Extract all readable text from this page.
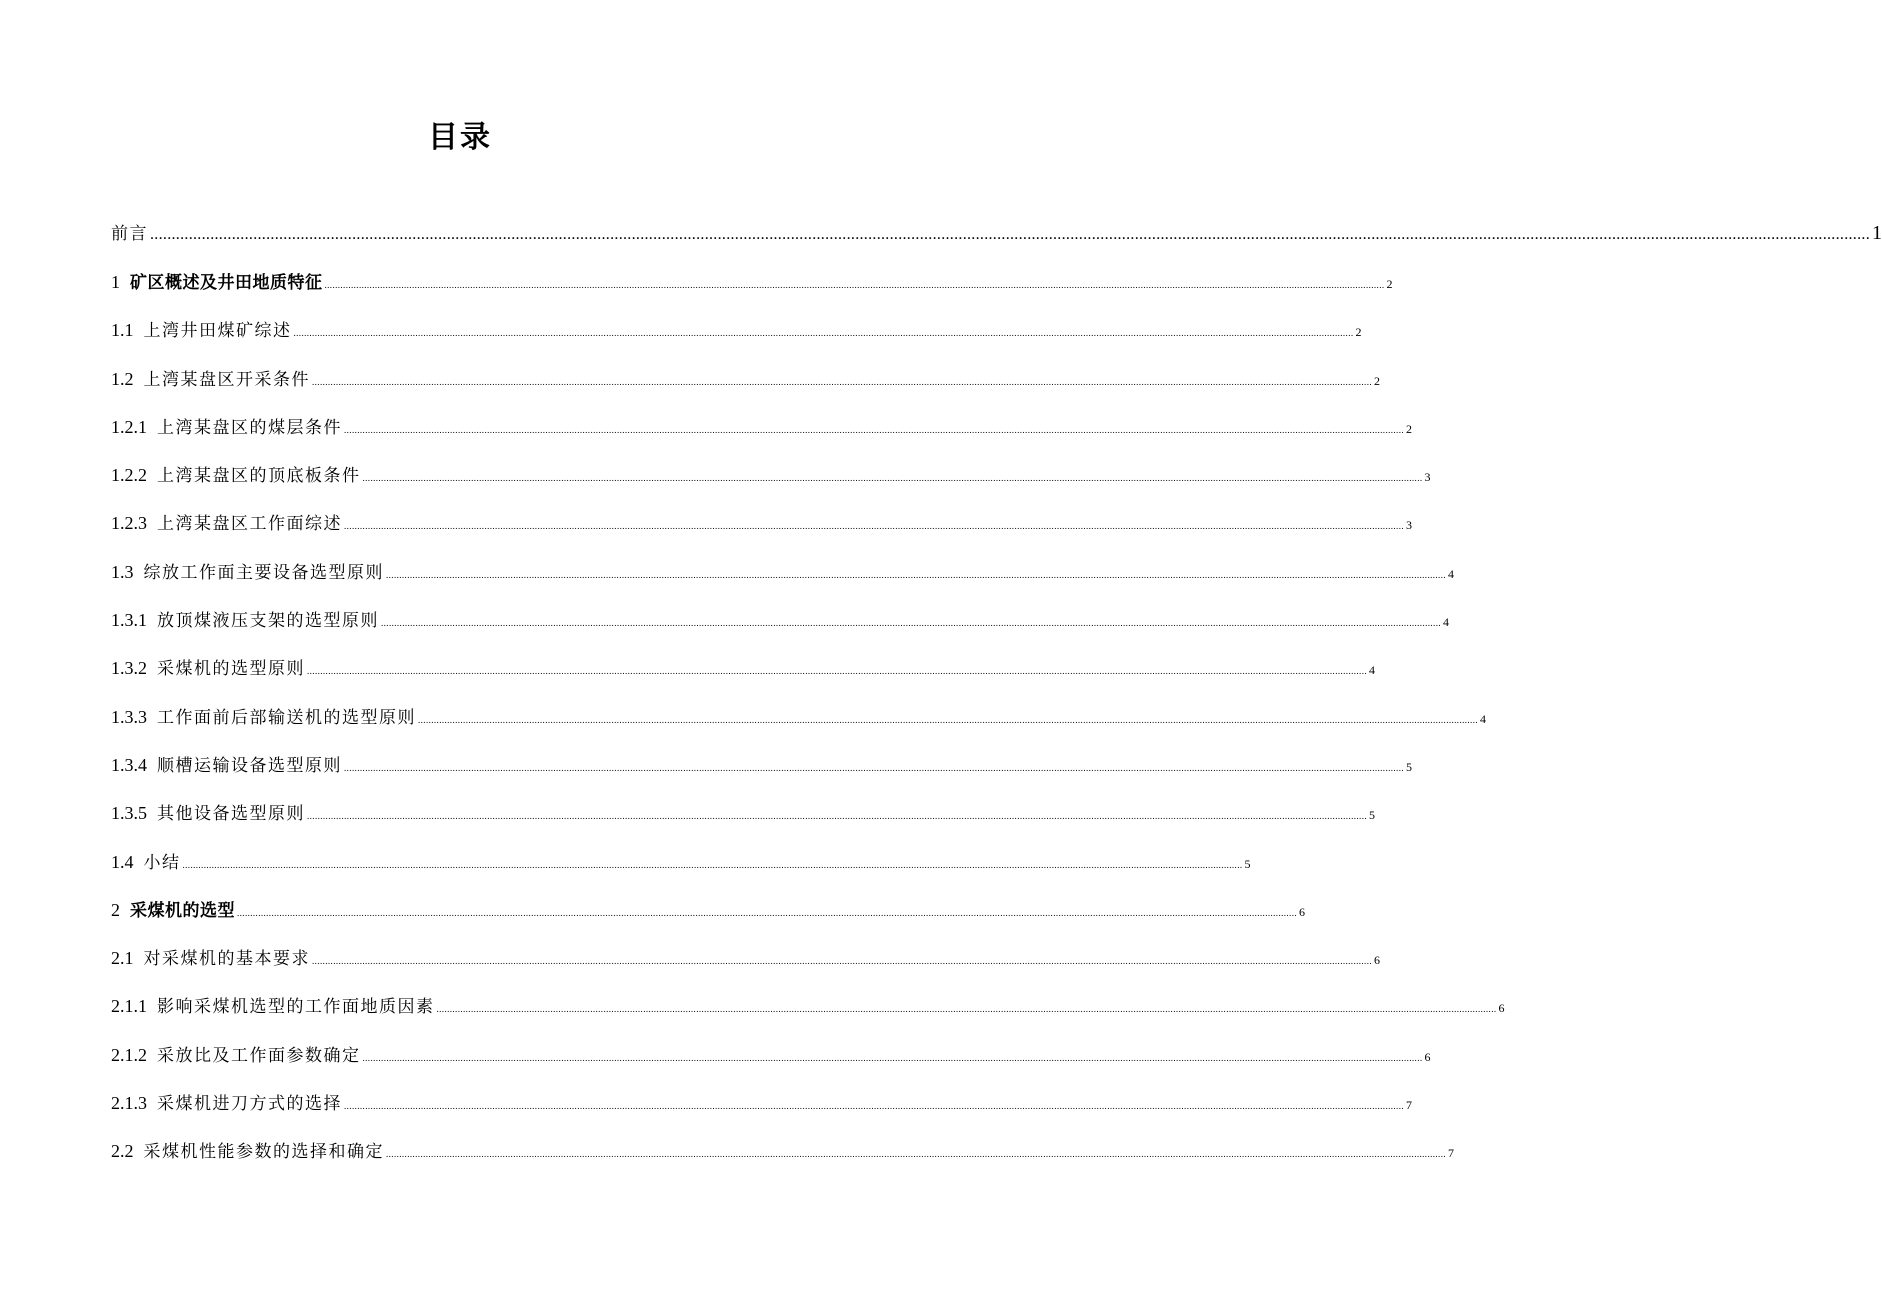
目录
前言 ................................................................................................................................................................................................................................................................................................................................................................................................................ 1
1 矿区概述及井田地质特征 ................................................................................................................................................................................................................................................................................................................................................................................................................ 2
1.1 上湾井田煤矿综述 ................................................................................................................................................................................................................................................................................................................................................................................................................ 2
1.2 上湾某盘区开采条件 ................................................................................................................................................................................................................................................................................................................................................................................................................ 2
1.2.1 上湾某盘区的煤层条件 ................................................................................................................................................................................................................................................................................................................................................................................................................ 2
1.2.2 上湾某盘区的顶底板条件 ................................................................................................................................................................................................................................................................................................................................................................................................................ 3
1.2.3 上湾某盘区工作面综述 ................................................................................................................................................................................................................................................................................................................................................................................................................ 3
1.3 综放工作面主要设备选型原则 ................................................................................................................................................................................................................................................................................................................................................................................................................ 4
1.3.1 放顶煤液压支架的选型原则 ................................................................................................................................................................................................................................................................................................................................................................................................................ 4
1.3.2 采煤机的选型原则 ................................................................................................................................................................................................................................................................................................................................................................................................................ 4
1.3.3 工作面前后部输送机的选型原则 ................................................................................................................................................................................................................................................................................................................................................................................................................ 4
1.3.4 顺槽运输设备选型原则 ................................................................................................................................................................................................................................................................................................................................................................................................................ 5
1.3.5 其他设备选型原则 ................................................................................................................................................................................................................................................................................................................................................................................................................ 5
1.4 小结 ................................................................................................................................................................................................................................................................................................................................................................................................................ 5
2 采煤机的选型 ................................................................................................................................................................................................................................................................................................................................................................................................................ 6
2.1 对采煤机的基本要求 ................................................................................................................................................................................................................................................................................................................................................................................................................ 6
2.1.1 影响采煤机选型的工作面地质因素 ................................................................................................................................................................................................................................................................................................................................................................................................................ 6
2.1.2 采放比及工作面参数确定 ................................................................................................................................................................................................................................................................................................................................................................................................................ 6
2.1.3 采煤机进刀方式的选择 ................................................................................................................................................................................................................................................................................................................................................................................................................ 7
2.2 采煤机性能参数的选择和确定 ................................................................................................................................................................................................................................................................................................................................................................................................................ 7
